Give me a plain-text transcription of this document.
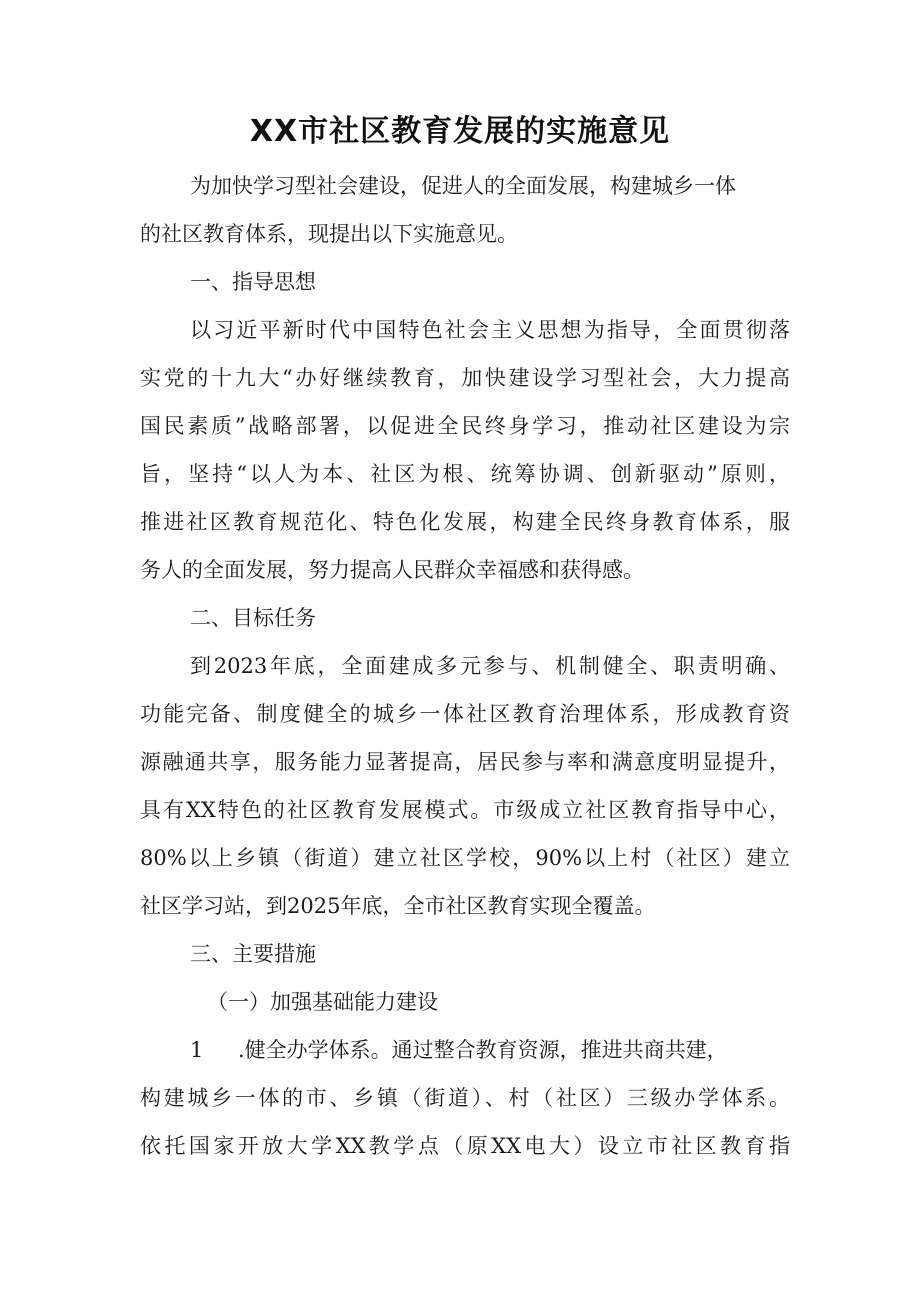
XX市社区教育发展的实施意见

为加快学习型社会建设，促进人的全面发展，构建城乡一体

的社区教育体系，现提出以下实施意见。

一、指导思想

以习近平新时代中国特色社会主义思想为指导，全面贯彻落

实党的十九大“办好继续教育，加快建设学习型社会，大力提高

国民素质”战略部署，以促进全民终身学习，推动社区建设为宗

旨，坚持“以人为本、社区为根、统筹协调、创新驱动”原则，

推进社区教育规范化、特色化发展，构建全民终身教育体系，服

务人的全面发展，努力提高人民群众幸福感和获得感。

二、目标任务

到2023年底，全面建成多元参与、机制健全、职责明确、

功能完备、制度健全的城乡一体社区教育治理体系，形成教育资

源融通共享，服务能力显著提高，居民参与率和满意度明显提升，

具有XX特色的社区教育发展模式。市级成立社区教育指导中心，

80%以上乡镇（街道）建立社区学校，90%以上村（社区）建立

社区学习站，到2025年底，全市社区教育实现全覆盖。

三、主要措施

（一）加强基础能力建设

1 .健全办学体系。通过整合教育资源，推进共商共建，

构建城乡一体的市、乡镇（街道）、村（社区）三级办学体系。

依托国家开放大学XX教学点（原XX电大）设立市社区教育指
